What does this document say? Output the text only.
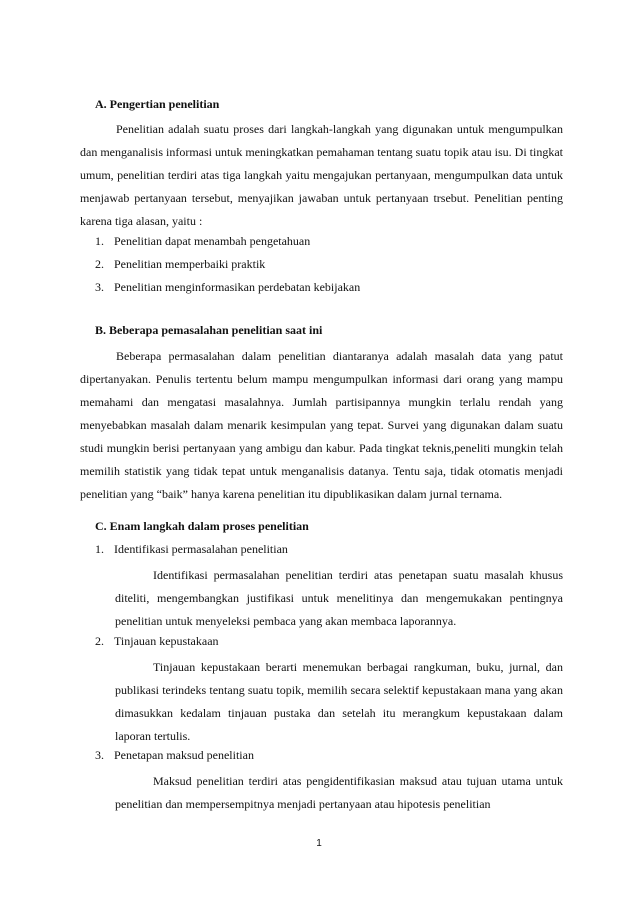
A. Pengertian penelitian
Penelitian adalah suatu proses dari langkah-langkah yang digunakan untuk mengumpulkan dan menganalisis informasi untuk meningkatkan pemahaman tentang suatu topik atau isu. Di tingkat umum, penelitian terdiri atas tiga langkah yaitu mengajukan pertanyaan, mengumpulkan data untuk menjawab pertanyaan tersebut, menyajikan jawaban untuk pertanyaan trsebut. Penelitian penting karena tiga alasan, yaitu :
1. Penelitian dapat menambah pengetahuan
2. Penelitian memperbaiki praktik
3. Penelitian menginformasikan perdebatan kebijakan
B. Beberapa pemasalahan penelitian saat ini
Beberapa permasalahan dalam penelitian diantaranya adalah masalah data yang patut dipertanyakan. Penulis tertentu belum mampu mengumpulkan informasi dari orang yang mampu memahami dan mengatasi masalahnya. Jumlah partisipannya mungkin terlalu rendah yang menyebabkan masalah dalam menarik kesimpulan yang tepat. Survei yang digunakan dalam suatu studi mungkin berisi pertanyaan yang ambigu dan kabur. Pada tingkat teknis,peneliti mungkin telah memilih statistik yang tidak tepat untuk menganalisis datanya. Tentu saja, tidak otomatis menjadi penelitian yang “baik” hanya karena penelitian itu dipublikasikan dalam jurnal ternama.
C. Enam langkah dalam proses penelitian
1. Identifikasi permasalahan penelitian
Identifikasi permasalahan penelitian terdiri atas penetapan suatu masalah khusus diteliti, mengembangkan justifikasi untuk menelitinya dan mengemukakan pentingnya penelitian untuk menyeleksi pembaca yang akan membaca laporannya.
2. Tinjauan kepustakaan
Tinjauan kepustakaan berarti menemukan berbagai rangkuman, buku, jurnal, dan publikasi terindeks tentang suatu topik, memilih secara selektif kepustakaan mana yang akan dimasukkan kedalam tinjauan pustaka dan setelah itu merangkum kepustakaan dalam laporan tertulis.
3. Penetapan maksud penelitian
Maksud penelitian terdiri atas pengidentifikasian maksud atau tujuan utama untuk penelitian dan mempersempitnya menjadi pertanyaan atau hipotesis penelitian
1
